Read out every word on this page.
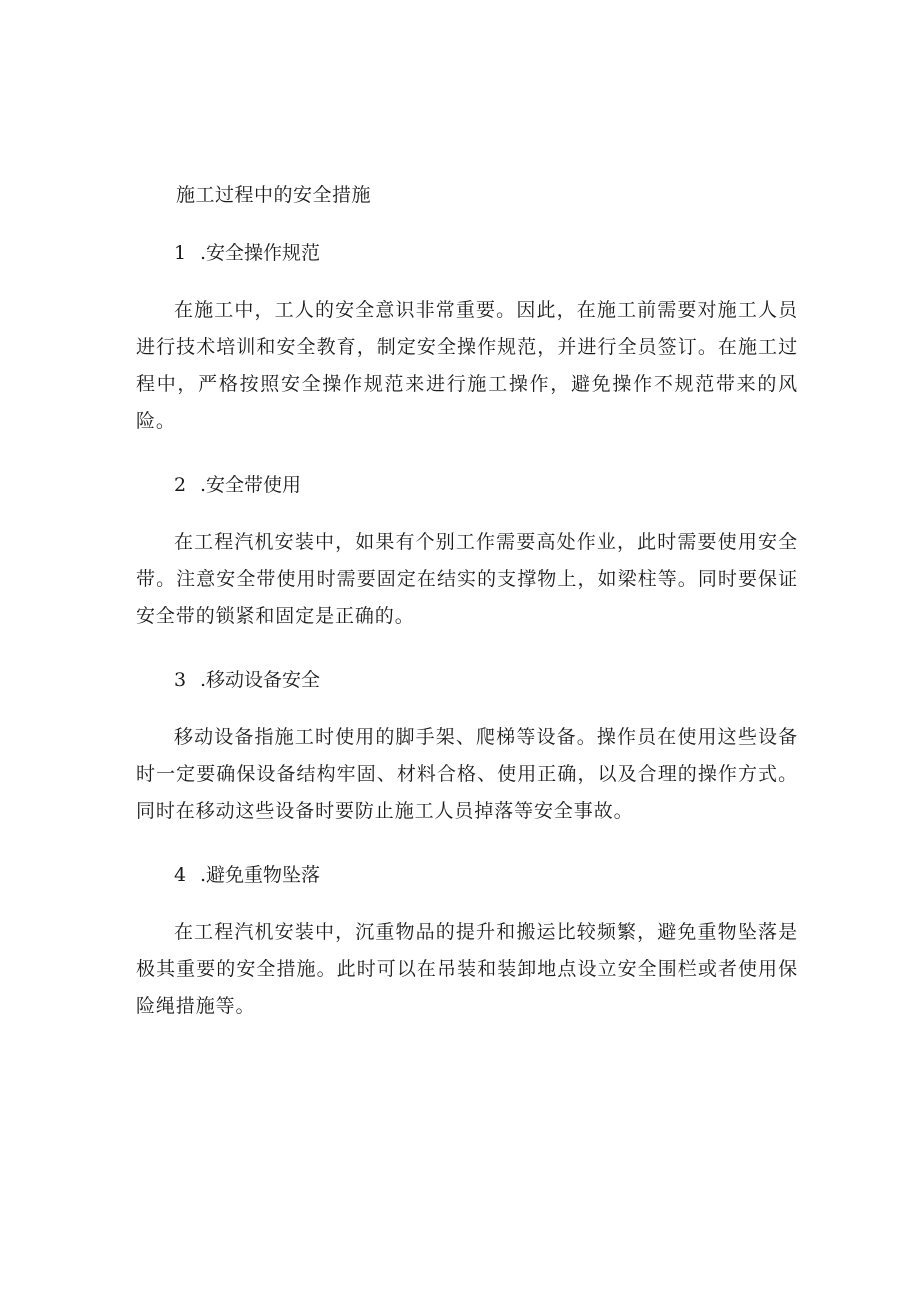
施工过程中的安全措施
1 .安全操作规范
在施工中，工人的安全意识非常重要。因此，在施工前需要对施工人员进行技术培训和安全教育，制定安全操作规范，并进行全员签订。在施工过程中，严格按照安全操作规范来进行施工操作，避免操作不规范带来的风险。
2 .安全带使用
在工程汽机安装中，如果有个别工作需要高处作业，此时需要使用安全带。注意安全带使用时需要固定在结实的支撑物上，如梁柱等。同时要保证安全带的锁紧和固定是正确的。
3 .移动设备安全
移动设备指施工时使用的脚手架、爬梯等设备。操作员在使用这些设备时一定要确保设备结构牢固、材料合格、使用正确，以及合理的操作方式。同时在移动这些设备时要防止施工人员掉落等安全事故。
4 .避免重物坠落
在工程汽机安装中，沉重物品的提升和搬运比较频繁，避免重物坠落是极其重要的安全措施。此时可以在吊装和装卸地点设立安全围栏或者使用保险绳措施等。
